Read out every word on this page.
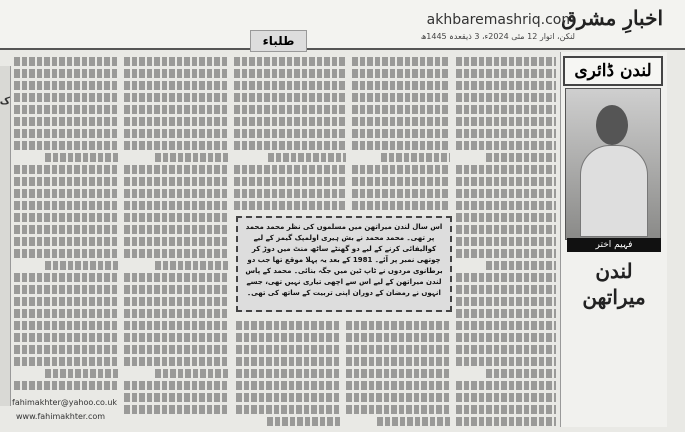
اخبارِ مشرق
akhbaremashriq.com
لنکن، اتوار 12 مئی 2024ء، 3 ذیقعدہ 1445ھ
طلباء
ک
اس سال لندن میراتھن میں مسلموں کی نظر محمد محمد پر تھی۔ محمد محمد نے بش ہیری اولمپک گیمز کے لیے کوالیفائی کرنے کے لیے دو گھنٹے ساٹھ منٹ میں دوڑ کر چوتھی نمبر پر آئے۔ 1981 کے بعد یہ پہلا موقع تھا جب دو برطانوی مردوں نے ٹاپ ٹین میں جگہ بنائی۔ محمد کے پاس لندن میراتھن کے لیے اس سے اچھی تیاری نہیں تھی، جسے انہوں نے رمضان کے دوران اپنی تربیت کے ساتھ کی تھی۔
لندن ڈائری
فہیم اختر
لندن میراتھن
fahimakhter@yahoo.co.uk
www.fahimakhter.com
